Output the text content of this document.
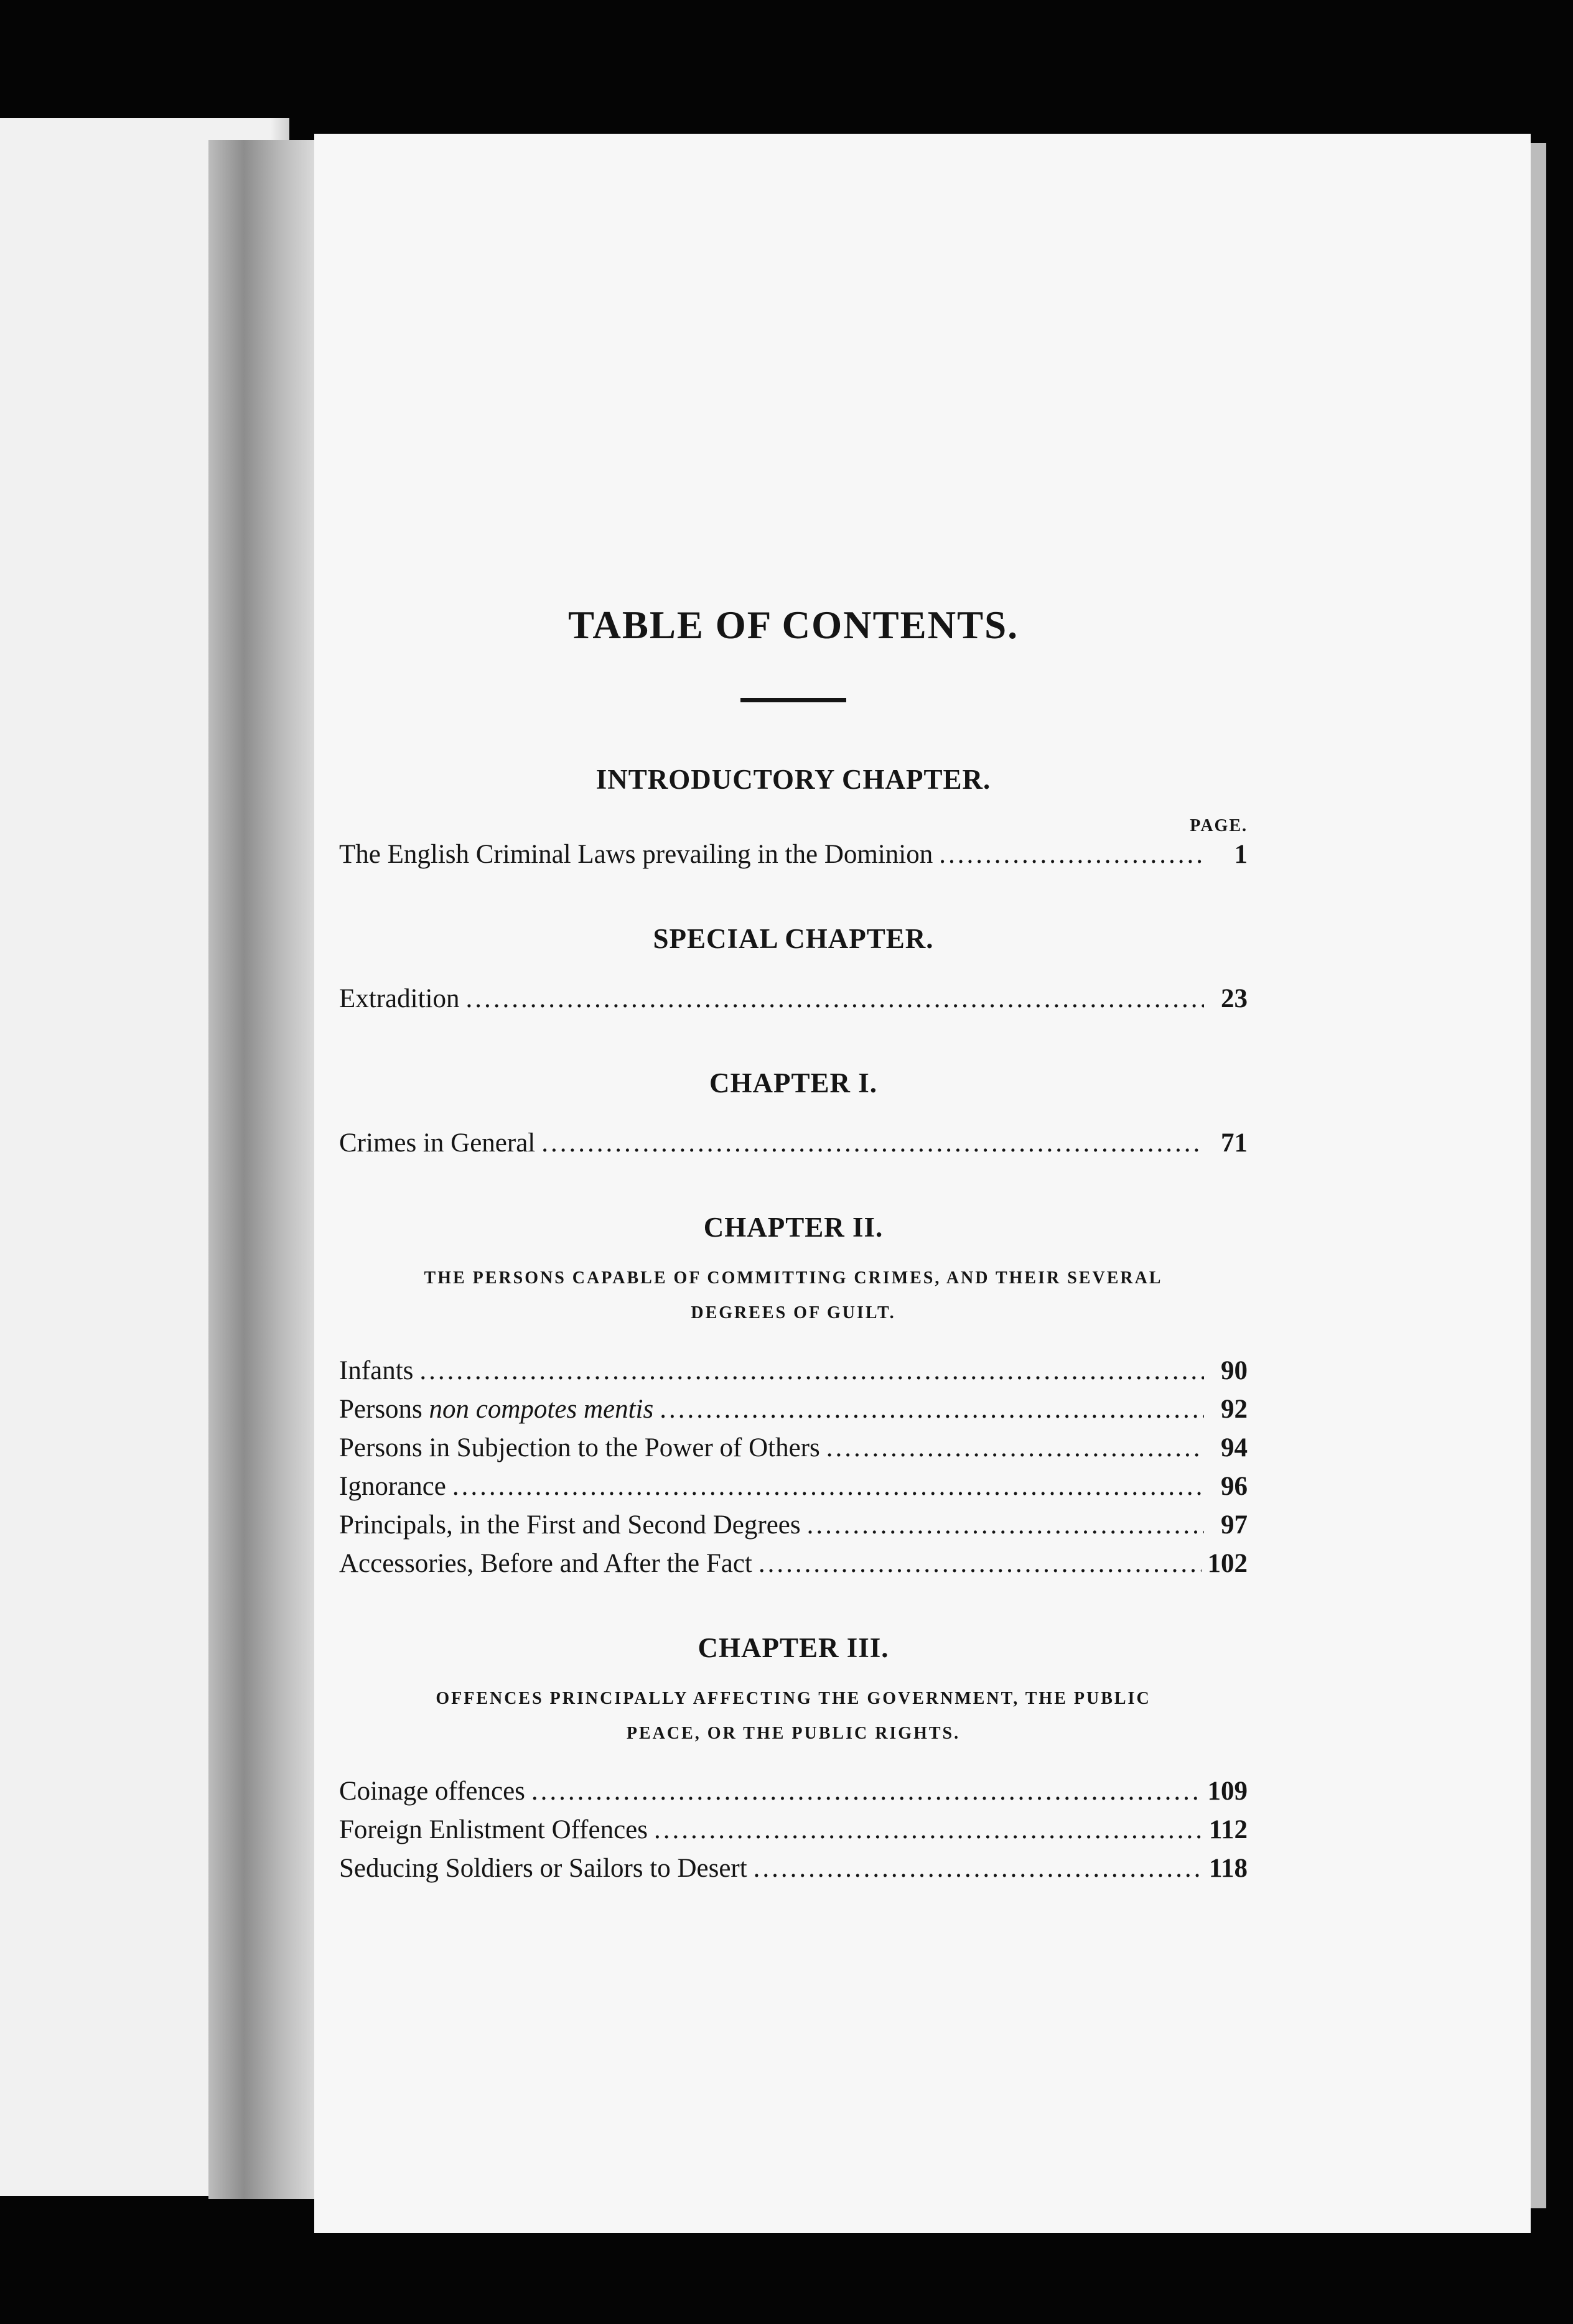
TABLE OF CONTENTS.
INTRODUCTORY CHAPTER.
PAGE.
The English Criminal Laws prevailing in the Dominion .....	1
SPECIAL CHAPTER.
Extradition .....	23
CHAPTER I.
Crimes in General .....	71
CHAPTER II.
THE PERSONS CAPABLE OF COMMITTING CRIMES, AND THEIR SEVERAL
DEGREES OF GUILT.
Infants .....	90
Persons non compotes mentis .....	92
Persons in Subjection to the Power of Others .....	94
Ignorance .....	96
Principals, in the First and Second Degrees .....	97
Accessories, Before and After the Fact .....	102
CHAPTER III.
OFFENCES PRINCIPALLY AFFECTING THE GOVERNMENT, THE PUBLIC
PEACE, OR THE PUBLIC RIGHTS.
Coinage offences .....	109
Foreign Enlistment Offences .....	112
Seducing Soldiers or Sailors to Desert .....	118
